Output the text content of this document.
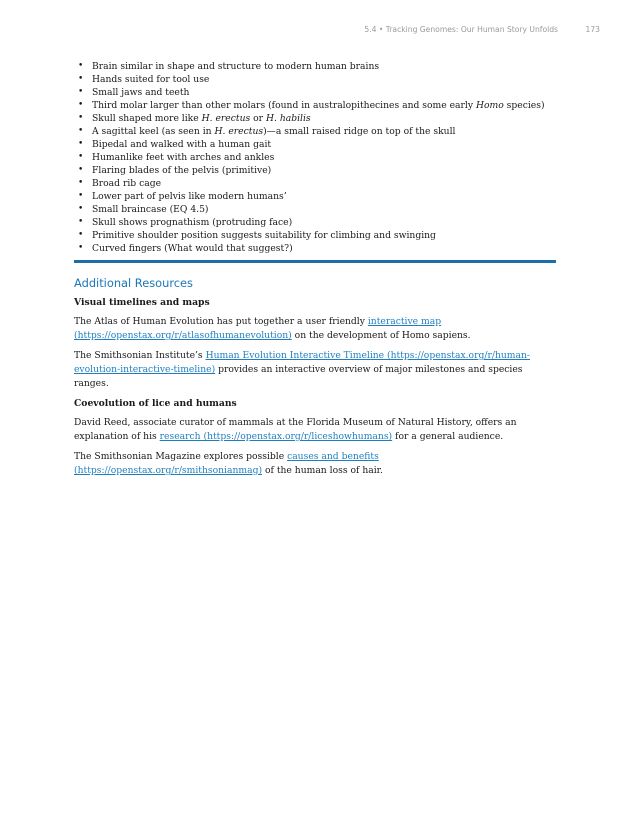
5.4 • Tracking Genomes: Our Human Story Unfolds	173
• Brain similar in shape and structure to modern human brains
• Hands suited for tool use
• Small jaws and teeth
• Third molar larger than other molars (found in australopithecines and some early Homo species)
• Skull shaped more like H. erectus or H. habilis
• A sagittal keel (as seen in H. erectus)—a small raised ridge on top of the skull
• Bipedal and walked with a human gait
• Humanlike feet with arches and ankles
• Flaring blades of the pelvis (primitive)
• Broad rib cage
• Lower part of pelvis like modern humans’
• Small braincase (EQ 4.5)
• Skull shows prognathism (protruding face)
• Primitive shoulder position suggests suitability for climbing and swinging
• Curved fingers (What would that suggest?)
Additional Resources
Visual timelines and maps

The Atlas of Human Evolution has put together a user friendly interactive map (https://openstax.org/r/atlasofhumanevolution) on the development of Homo sapiens.

The Smithsonian Institute’s Human Evolution Interactive Timeline (https://openstax.org/r/human-evolution-interactive-timeline) provides an interactive overview of major milestones and species ranges.

Coevolution of lice and humans

David Reed, associate curator of mammals at the Florida Museum of Natural History, offers an explanation of his research (https://openstax.org/r/liceshowhumans) for a general audience.

The Smithsonian Magazine explores possible causes and benefits (https://openstax.org/r/smithsonianmag) of the human loss of hair.
